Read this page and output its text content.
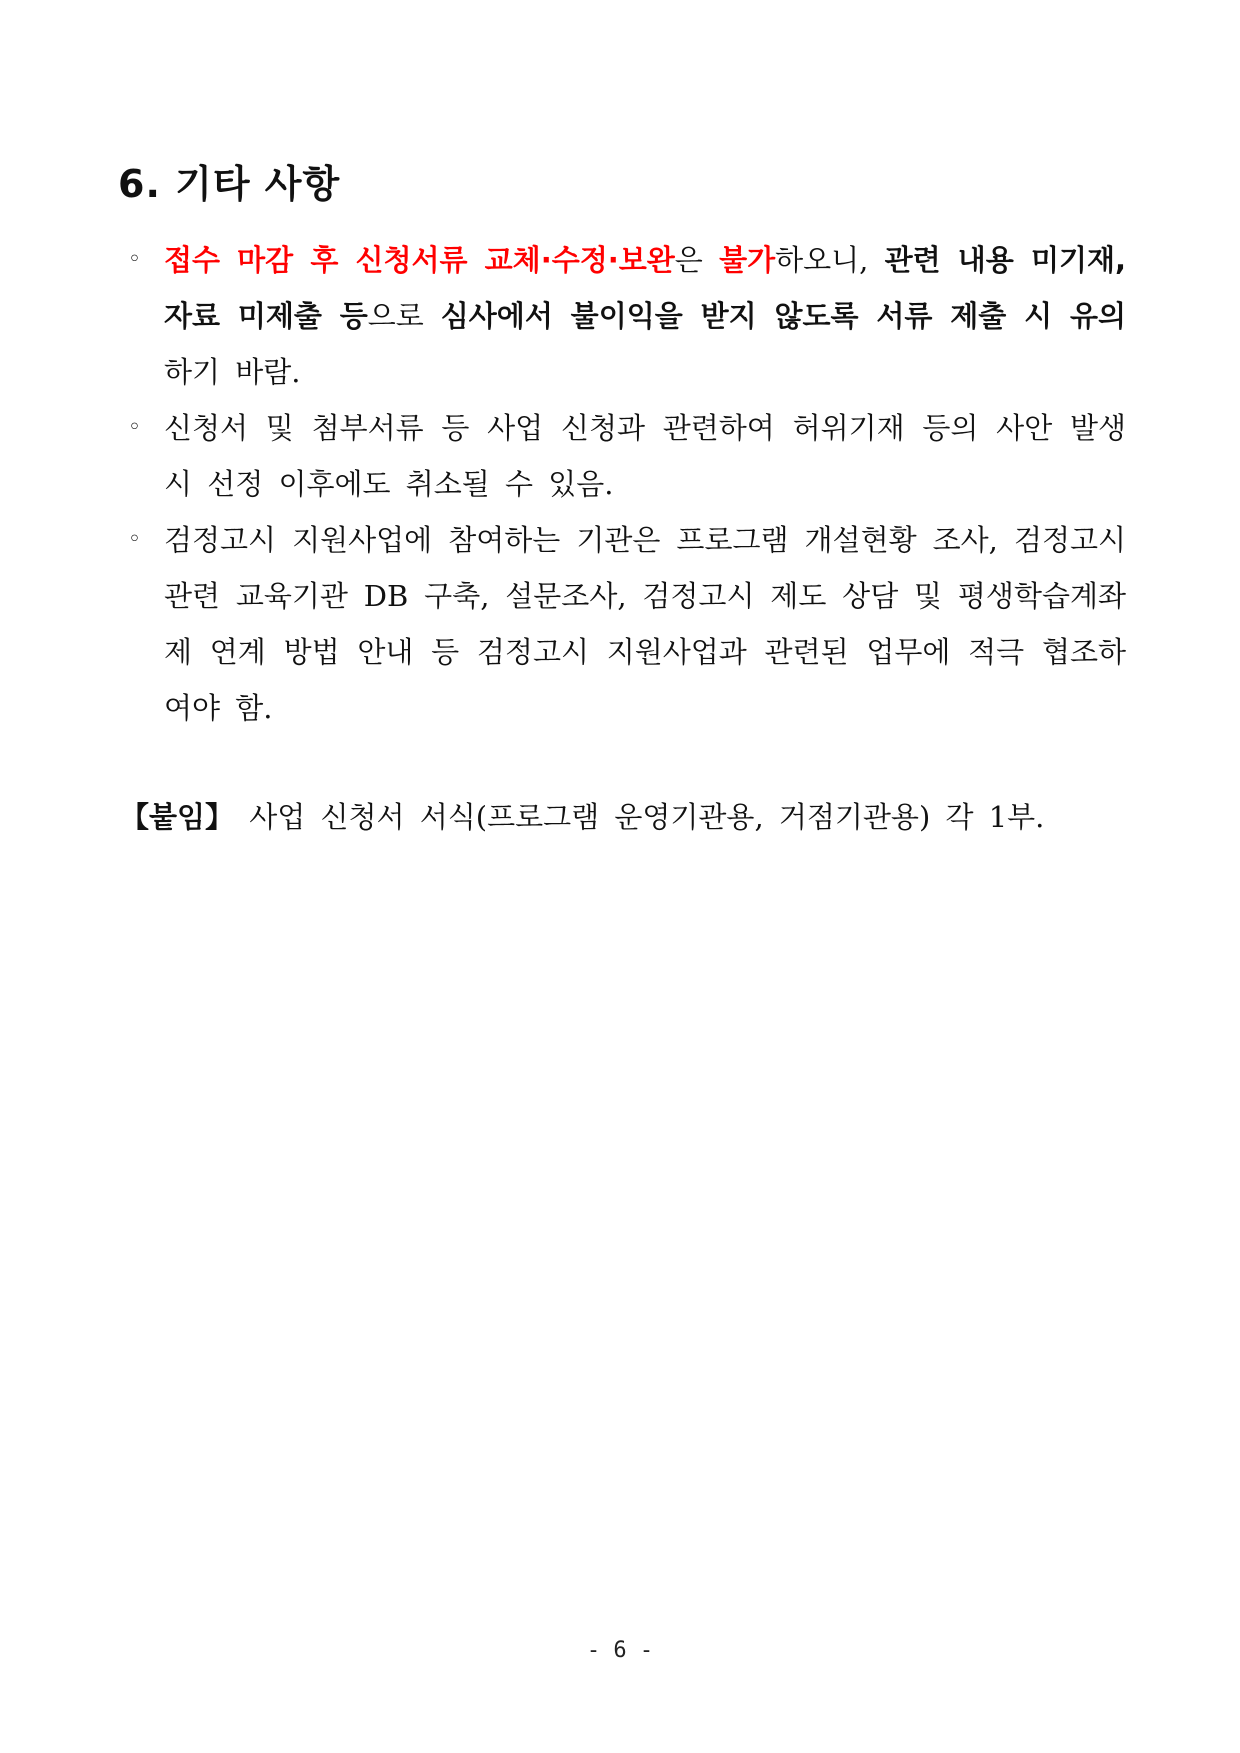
6. 기타 사항
◦ 접수 마감 후 신청서류 교체·수정·보완은 불가하오니, 관련 내용 미기재, 자료 미제출 등으로 심사에서 불이익을 받지 않도록 서류 제출 시 유의하기 바람.
◦ 신청서 및 첨부서류 등 사업 신청과 관련하여 허위기재 등의 사안 발생 시 선정 이후에도 취소될 수 있음.
◦ 검정고시 지원사업에 참여하는 기관은 프로그램 개설현황 조사, 검정고시 관련 교육기관 DB 구축, 설문조사, 검정고시 제도 상담 및 평생학습계좌제 연계 방법 안내 등 검정고시 지원사업과 관련된 업무에 적극 협조하여야 함.

【붙임】 사업 신청서 서식(프로그램 운영기관용, 거점기관용) 각 1부.

- 6 -
